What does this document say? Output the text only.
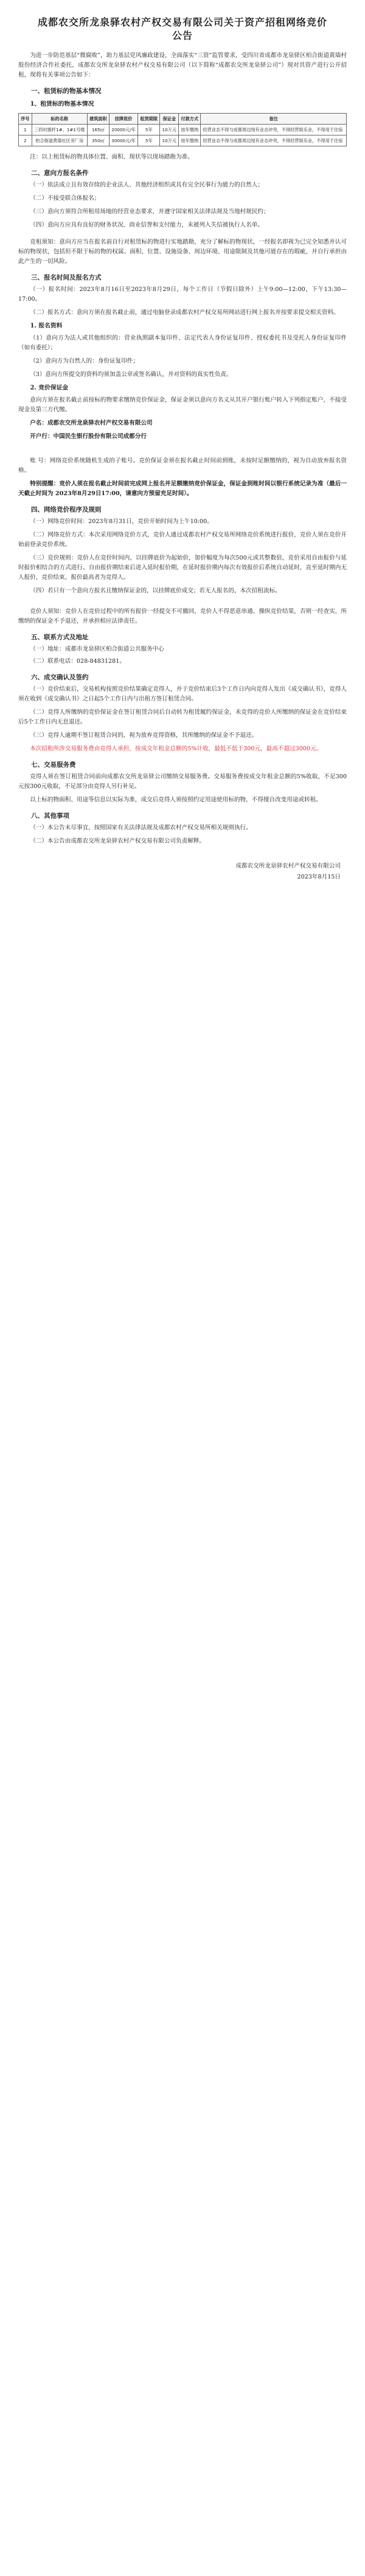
成都农交所龙泉驿农村产权交易有限公司关于资产招租网络竞价公告

为进一步防范基层“微腐败”，助力基层党风廉政建设，全面落实“三资”监管要求，受四川省成都市龙泉驿区柏合街道黄墙村股份经济合作社委托，成都农交所龙泉驿农村产权交易有限公司（以下简称“成都农交所龙泉驿公司”）现对其资产进行公开招租，现将有关事项公告如下：

一、租赁标的物基本情况
1、租赁标的物基本情况
序号	标的名称	建筑面积	挂牌底价	租赁期限	保证金	付款方式	备注
1	三四村旗杆1#、1#1号楼	165㎡	20000元/年	5年	10万元	按年缴纳	经营业态不得与成都周边现有业态冲突，不得经营娱乐业，不得用于住宿
2	柏合街道黄墙社区旁厂房	350㎡	30000元/年	5年	10万元	按年缴纳	经营业态不得与成都周边现有业态冲突，不得经营娱乐业，不得用于住宿

注：以上租赁标的物具体位置、面积、现状等以现场踏勘为准。

二、意向方报名条件

（一）依法成立且有效存续的企业法人、其他经济组织或具有完全民事行为能力的自然人；

（二）不接受联合体报名；

（三）意向方须符合所租用场地的经营业态要求，并遵守国家相关法律法规及当地村规民约；

（四）意向方应具有良好的财务状况、商业信誉和支付能力，未被列入失信被执行人名单。

竞租须知：意向方应当在报名前自行对租赁标的物进行实地踏勘，充分了解标的物现状，一经报名即视为已完全知悉并认可标的物现状，包括但不限于标的物的权属、面积、位置、设施设备、周边环境、用途限制及其他可能存在的瑕疵，并自行承担由此产生的一切风险。

三、报名时间及报名方式

（一）报名时间：2023年8月16日至2023年8月29日，每个工作日（节假日除外）上午9:00—12:00，下午13:30—17:00。

（二）报名方式：意向方须在报名截止前，通过电脑登录成都农村产权交易所网站进行网上报名并按要求提交相关资料。

1. 报名资料

（1）意向方为法人或其他组织的：营业执照副本复印件、法定代表人身份证复印件、授权委托书及受托人身份证复印件（如有委托）；

（2）意向方为自然人的：身份证复印件；

（3）意向方所提交的资料均须加盖公章或签名确认，并对资料的真实性负责。

2. 竞价保证金

意向方须在报名截止前按标的物要求缴纳竞价保证金，保证金须以意向方名义从其开户银行账户转入下列指定账户，不接受现金及第三方代缴。

户名：成都农交所龙泉驿农村产权交易有限公司

开户行：中国民生银行股份有限公司成都分行

账 号：网络竞价系统随机生成的子账号。竞价保证金须在报名截止时间前到账，未按时足额缴纳的，视为自动放弃报名资格。

特别提醒：竞价人须在报名截止时间前完成网上报名并足额缴纳竞价保证金，保证金到账时间以银行系统记录为准（最后一天截止时间为 2023年8月29日17:00，请意向方预留充足时间）。

四、网络竞价程序及规则

（一）网络竞价时间：2023年8月31日，竞价开始时间为上午10:00。

（二）网络竞价方式：本次采用网络竞价方式，竞价人通过成都农村产权交易所网络竞价系统进行报价，竞价人须在竞价开始前登录竞价系统。

（三）竞价规则：竞价人在竞价时间内，以挂牌底价为起始价，加价幅度为每次500元或其整数倍，竞价采用自由报价与延时报价相结合的方式进行。自由报价期结束后进入延时报价期，在延时报价期内每次有效报价后系统自动延时，直至延时期内无人报价，竞价结束，报价最高者为竞得人。

（四）若只有一个意向方报名且缴纳保证金的，以挂牌底价成交；若无人报名的，本次招租流标。

竞价人须知：竞价人在竞价过程中的所有报价一经提交不可撤回，竞价人不得恶意串通、操纵竞价结果，否则一经查实，所缴纳的保证金不予退还，并承担相应法律责任。

五、联系方式及地址

（一）地址：成都市龙泉驿区柏合街道公共服务中心

（二）联系电话：028-84831281。

六、成交确认及签约

（一）竞价结束后，交易机构按照竞价结果确定竞得人，并于竞价结束后3个工作日内向竞得人发出《成交确认书》，竞得人须在收到《成交确认书》之日起5个工作日内与出租方签订租赁合同。

（二）竞得人所缴纳的竞价保证金在签订租赁合同后自动转为租赁履约保证金，未竞得的竞价人所缴纳的保证金在竞价结束后5个工作日内无息退还。

（三）竞得人逾期不签订租赁合同的，视为放弃竞得资格，其所缴纳的保证金不予退还。

本次招租所涉交易服务费由竞得人承担，按成交年租金总额的5%计收，最低不低于300元，最高不超过3000元。

七、交易服务费

竞得人须在签订租赁合同前向成都农交所龙泉驿公司缴纳交易服务费。交易服务费按成交年租金总额的5%收取，不足300元按300元收取，不足部分由竞得人另行补足。

以上标的物面积、用途等信息以实际为准，成交后竞得人须按照约定用途使用标的物，不得擅自改变用途或转租。

八、其他事项

（一）本公告未尽事宜，按照国家有关法律法规及成都农村产权交易所相关规则执行。

（二）本公告由成都农交所龙泉驿农村产权交易有限公司负责解释。

成都农交所龙泉驿农村产权交易有限公司
2023年8月15日
